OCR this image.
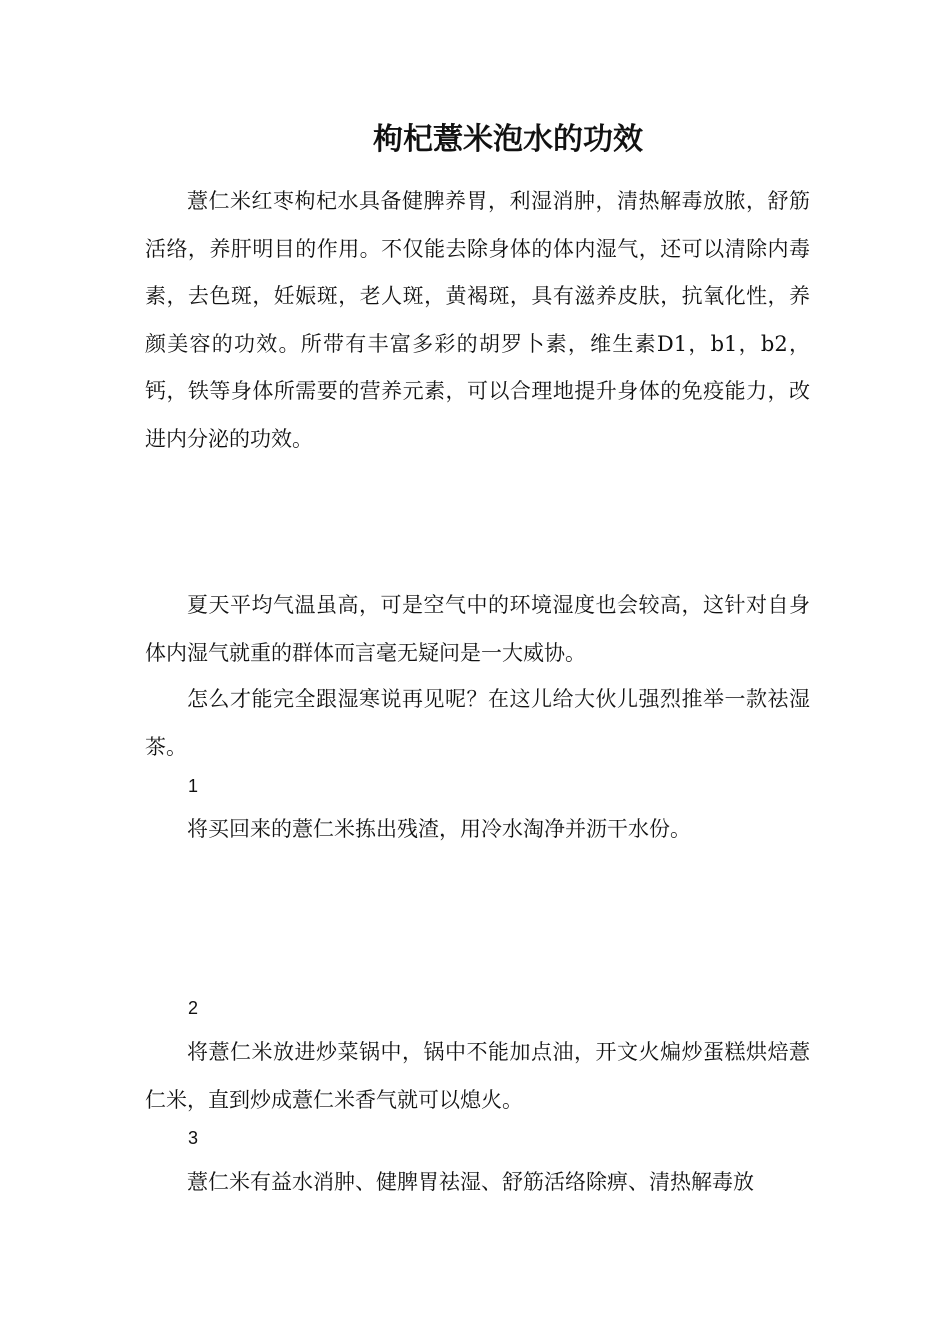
枸杞薏米泡水的功效

薏仁米红枣枸杞水具备健脾养胃，利湿消肿，清热解毒放脓，舒筋活络，养肝明目的作用。不仅能去除身体的体内湿气，还可以清除内毒素，去色斑，妊娠斑，老人斑，黄褐斑，具有滋养皮肤，抗氧化性，养颜美容的功效。所带有丰富多彩的胡罗卜素，维生素D1，b1，b2，钙，铁等身体所需要的营养元素，可以合理地提升身体的免疫能力，改进内分泌的功效。

夏天平均气温虽高，可是空气中的环境湿度也会较高，这针对自身体内湿气就重的群体而言毫无疑问是一大威协。

怎么才能完全跟湿寒说再见呢？在这儿给大伙儿强烈推举一款祛湿茶。

1

将买回来的薏仁米拣出残渣，用冷水淘净并沥干水份。

2

将薏仁米放进炒菜锅中，锅中不能加点油，开文火煸炒蛋糕烘焙薏仁米，直到炒成薏仁米香气就可以熄火。

3

薏仁米有益水消肿、健脾胃祛湿、舒筋活络除痹、清热解毒放
